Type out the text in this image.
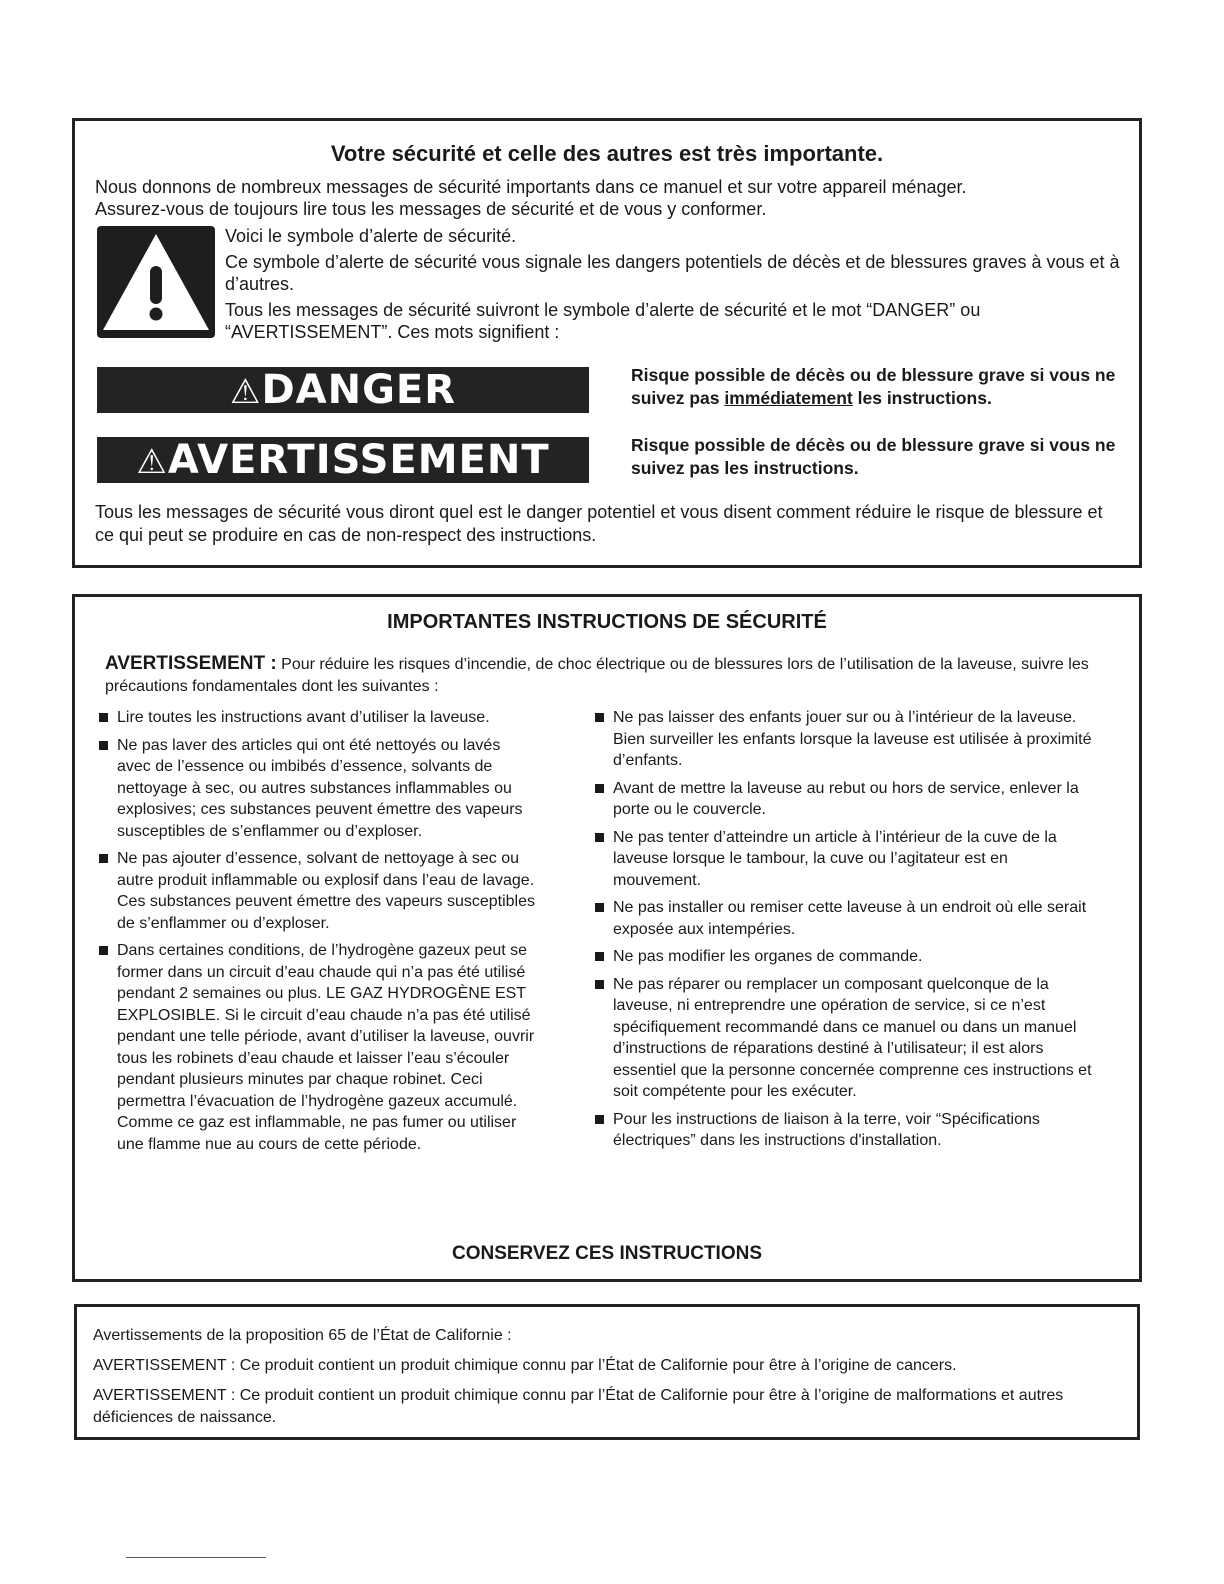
Votre sécurité et celle des autres est très importante.
Nous donnons de nombreux messages de sécurité importants dans ce manuel et sur votre appareil ménager.
Assurez-vous de toujours lire tous les messages de sécurité et de vous y conformer.

Voici le symbole d’alerte de sécurité.

Ce symbole d’alerte de sécurité vous signale les dangers potentiels de décès et de blessures graves à vous et à d’autres.

Tous les messages de sécurité suivront le symbole d’alerte de sécurité et le mot “DANGER” ou “AVERTISSEMENT”. Ces mots signifient :

⚠DANGER	Risque possible de décès ou de blessure grave si vous ne suivez pas immédiatement les instructions.
⚠AVERTISSEMENT	Risque possible de décès ou de blessure grave si vous ne suivez pas les instructions.
Tous les messages de sécurité vous diront quel est le danger potentiel et vous disent comment réduire le risque de blessure et ce qui peut se produire en cas de non-respect des instructions.
IMPORTANTES INSTRUCTIONS DE SÉCURITÉ
AVERTISSEMENT : Pour réduire les risques d’incendie, de choc électrique ou de blessures lors de l’utilisation de la laveuse, suivre les précautions fondamentales dont les suivantes :
Lire toutes les instructions avant d’utiliser la laveuse.
Ne pas laver des articles qui ont été nettoyés ou lavés avec de l’essence ou imbibés d’essence, solvants de nettoyage à sec, ou autres substances inflammables ou explosives; ces substances peuvent émettre des vapeurs susceptibles de s’enflammer ou d’exploser.
Ne pas ajouter d’essence, solvant de nettoyage à sec ou autre produit inflammable ou explosif dans l’eau de lavage. Ces substances peuvent émettre des vapeurs susceptibles de s’enflammer ou d’exploser.
Dans certaines conditions, de l’hydrogène gazeux peut se former dans un circuit d’eau chaude qui n’a pas été utilisé pendant 2 semaines ou plus. LE GAZ HYDROGÈNE EST EXPLOSIBLE. Si le circuit d’eau chaude n’a pas été utilisé pendant une telle période, avant d’utiliser la laveuse, ouvrir tous les robinets d’eau chaude et laisser l’eau s’écouler pendant plusieurs minutes par chaque robinet. Ceci permettra l’évacuation de l’hydrogène gazeux accumulé. Comme ce gaz est inflammable, ne pas fumer ou utiliser une flamme nue au cours de cette période.
Ne pas laisser des enfants jouer sur ou à l’intérieur de la laveuse. Bien surveiller les enfants lorsque la laveuse est utilisée à proximité d’enfants.
Avant de mettre la laveuse au rebut ou hors de service, enlever la porte ou le couvercle.
Ne pas tenter d’atteindre un article à l’intérieur de la cuve de la laveuse lorsque le tambour, la cuve ou l’agitateur est en mouvement.
Ne pas installer ou remiser cette laveuse à un endroit où elle serait exposée aux intempéries.
Ne pas modifier les organes de commande.
Ne pas réparer ou remplacer un composant quelconque de la laveuse, ni entreprendre une opération de service, si ce n’est spécifiquement recommandé dans ce manuel ou dans un manuel d’instructions de réparations destiné à l’utilisateur; il est alors essentiel que la personne concernée comprenne ces instructions et soit compétente pour les exécuter.
Pour les instructions de liaison à la terre, voir “Spécifications électriques” dans les instructions d'installation.
CONSERVEZ CES INSTRUCTIONS

Avertissements de la proposition 65 de l’État de Californie :

AVERTISSEMENT : Ce produit contient un produit chimique connu par l’État de Californie pour être à l’origine de cancers.

AVERTISSEMENT : Ce produit contient un produit chimique connu par l’État de Californie pour être à l’origine de malformations et autres déficiences de naissance.
